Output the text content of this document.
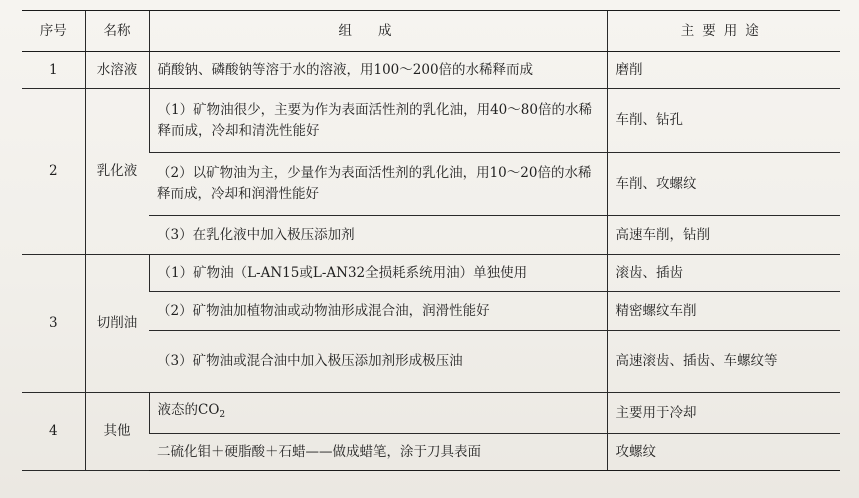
序号	名称	组成	主要用途
1	水溶液	硝酸钠、磷酸钠等溶于水的溶液，用100～200倍的水稀释而成	磨削
2	乳化液	（1）矿物油很少，主要为作为表面活性剂的乳化油，用40～80倍的水稀释而成，冷却和清洗性能好	车削、钻孔
		（2）以矿物油为主，少量作为表面活性剂的乳化油，用10～20倍的水稀释而成，冷却和润滑性能好	车削、攻螺纹
		（3）在乳化液中加入极压添加剂	高速车削，钻削
3	切削油	（1）矿物油（L-AN15或L-AN32全损耗系统用油）单独使用	滚齿、插齿
		（2）矿物油加植物油或动物油形成混合油，润滑性能好	精密螺纹车削
		（3）矿物油或混合油中加入极压添加剂形成极压油	高速滚齿、插齿、车螺纹等
4	其他	液态的$CO_2$	主要用于冷却
		二硫化钼＋硬脂酸＋石蜡——做成蜡笔，涂于刀具表面	攻螺纹
